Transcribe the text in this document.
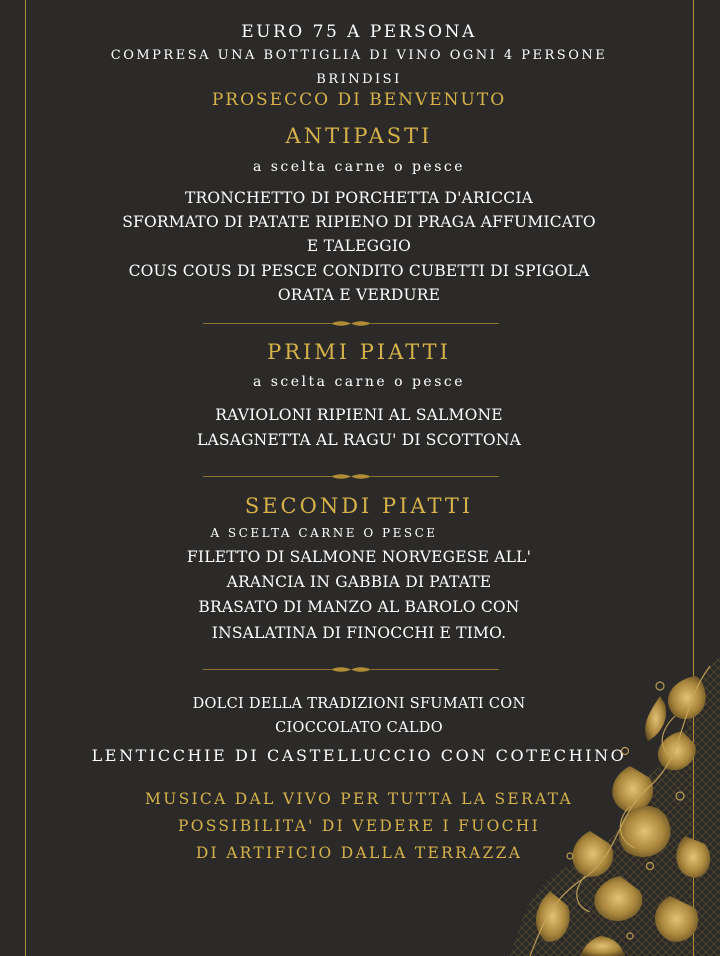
EURO 75 A PERSONA
COMPRESA UNA BOTTIGLIA DI VINO OGNI 4 PERSONE
BRINDISI
PROSECCO DI BENVENUTO
ANTIPASTI
a scelta carne o pesce
TRONCHETTO DI PORCHETTA D'ARICCIA
SFORMATO DI PATATE RIPIENO DI PRAGA AFFUMICATO
E TALEGGIO
COUS COUS DI PESCE CONDITO CUBETTI DI SPIGOLA
ORATA E VERDURE
PRIMI PIATTI
a scelta carne o pesce
RAVIOLONI RIPIENI AL SALMONE
LASAGNETTA AL RAGU' DI SCOTTONA
SECONDI PIATTI
A SCELTA CARNE O PESCE
FILETTO DI SALMONE NORVEGESE ALL'
ARANCIA IN GABBIA DI PATATE
BRASATO DI MANZO AL BAROLO CON
INSALATINA DI FINOCCHI E TIMO.
DOLCI DELLA TRADIZIONI SFUMATI CON
CIOCCOLATO CALDO
LENTICCHIE DI CASTELLUCCIO CON COTECHINO
MUSICA DAL VIVO PER TUTTA LA SERATA
POSSIBILITA' DI VEDERE I FUOCHI
DI ARTIFICIO DALLA TERRAZZA
